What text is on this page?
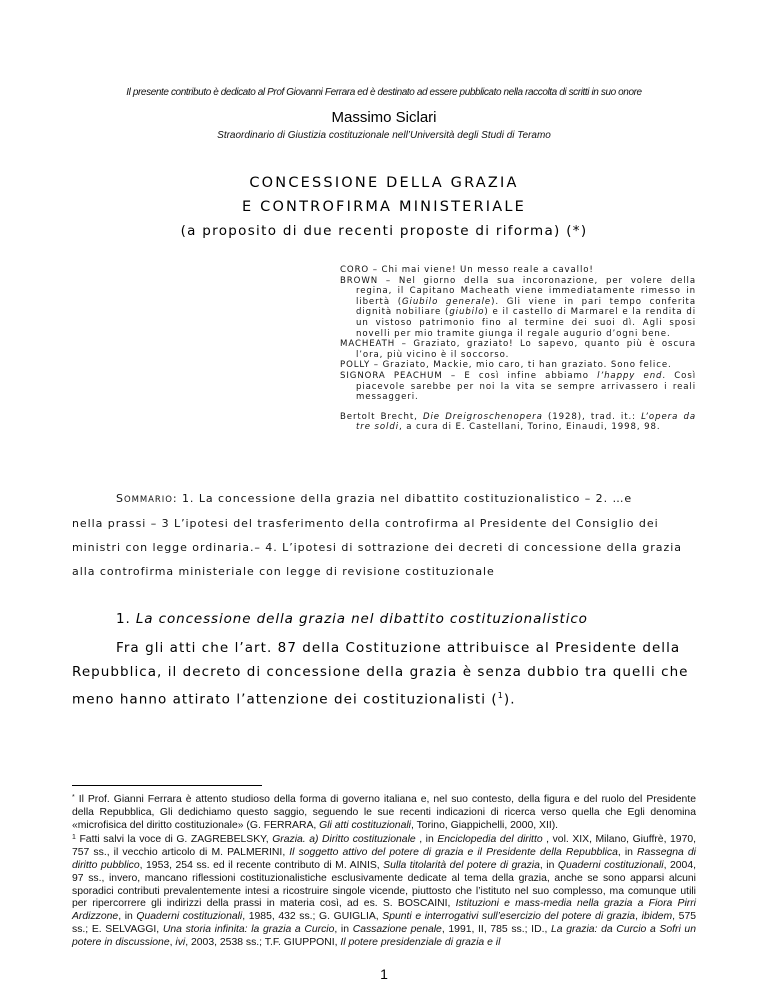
Il presente contributo è dedicato al Prof Giovanni Ferrara ed è destinato ad essere pubblicato nella raccolta di scritti in suo onore
Massimo Siclari
Straordinario di Giustizia costituzionale nell’Università degli Studi di Teramo
CONCESSIONE DELLA GRAZIA
E CONTROFIRMA MINISTERIALE
(a proposito di due recenti proposte di riforma) (*)
CORO – Chi mai viene! Un messo reale a cavallo!
BROWN – Nel giorno della sua incoronazione, per volere della regina, il Capitano Macheath viene immediatamente rimesso in libertà (Giubilo generale). Gli viene in pari tempo conferita dignità nobiliare (giubilo) e il castello di Marmarel e la rendita di un vistoso patrimonio fino al termine dei suoi dì. Agli sposi novelli per mio tramite giunga il regale augurio d’ogni bene.
MACHEATH – Graziato, graziato! Lo sapevo, quanto più è oscura l’ora, più vicino è il soccorso.
POLLY – Graziato, Mackie, mio caro, ti han graziato. Sono felice.
SIGNORA PEACHUM – E così infine abbiamo l’happy end. Così piacevole sarebbe per noi la vita se sempre arrivassero i reali messaggeri.
Bertolt Brecht, Die Dreigroschenopera (1928), trad. it.: L’opera da tre soldi, a cura di E. Castellani, Torino, Einaudi, 1998, 98.
SOMMARIO: 1. La concessione della grazia nel dibattito costituzionalistico – 2. …e
nella prassi – 3 L’ipotesi del trasferimento della controfirma al Presidente del Consiglio dei
ministri con legge ordinaria.– 4. L’ipotesi di sottrazione dei decreti di concessione della grazia
alla controfirma ministeriale con legge di revisione costituzionale
1. La concessione della grazia nel dibattito costituzionalistico
Fra gli atti che l’art. 87 della Costituzione attribuisce al Presidente della
Repubblica, il decreto di concessione della grazia è senza dubbio tra quelli che
meno hanno attirato l’attenzione dei costituzionalisti ($^1$).

* Il Prof. Gianni Ferrara è attento studioso della forma di governo italiana e, nel suo contesto, della figura e del ruolo del Presidente della Repubblica, Gli dedichiamo questo saggio, seguendo le sue recenti indicazioni di ricerca verso quella che Egli denomina «microfisica del diritto costituzionale» (G. FERRARA, Gli atti costituzionali, Torino, Giappichelli, 2000, XII).

$^1$ Fatti salvi la voce di G. ZAGREBELSKY, Grazia. a) Diritto costituzionale , in Enciclopedia del diritto , vol. XIX, Milano, Giuffrè, 1970, 757 ss., il vecchio articolo di M. PALMERINI, Il soggetto attivo del potere di grazia e il Presidente della Repubblica, in Rassegna di diritto pubblico, 1953, 254 ss. ed il recente contributo di M. AINIS, Sulla titolarità del potere di grazia, in Quaderni costituzionali, 2004, 97 ss., invero, mancano riflessioni costituzionalistiche esclusivamente dedicate al tema della grazia, anche se sono apparsi alcuni sporadici contributi prevalentemente intesi a ricostruire singole vicende, piuttosto che l’istituto nel suo complesso, ma comunque utili per ripercorrere gli indirizzi della prassi in materia così, ad es. S. BOSCAINI, Istituzioni e mass-media nella grazia a Fiora Pirri Ardizzone, in Quaderni costituzionali, 1985, 432 ss.; G. GUIGLIA, Spunti e interrogativi sull’esercizio del potere di grazia, ibidem, 575 ss.; E. SELVAGGI, Una storia infinita: la grazia a Curcio, in Cassazione penale, 1991, II, 785 ss.; ID., La grazia: da Curcio a Sofri un potere in discussione, ivi, 2003, 2538 ss.; T.F. GIUPPONI, Il potere presidenziale di grazia e il

1
